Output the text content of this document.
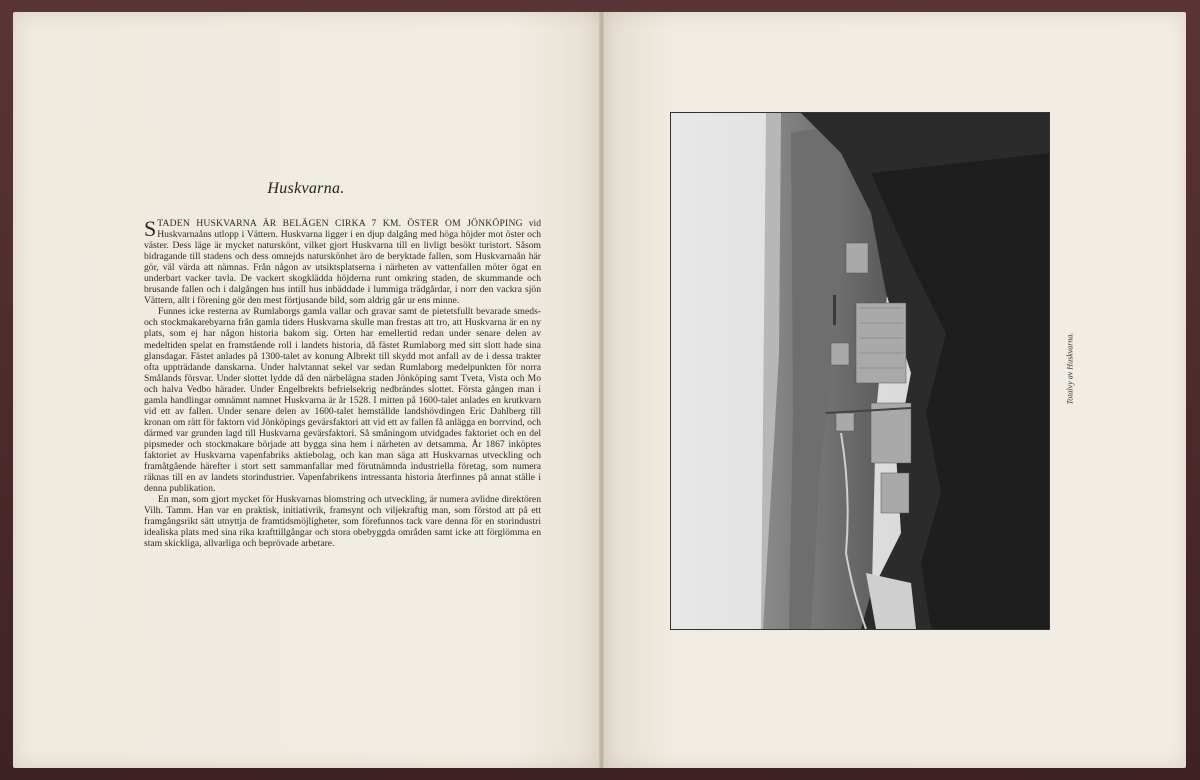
Huskvarna.

STADEN HUSKVARNA ÄR BELÄGEN CIRKA 7 KM. ÖSTER OM JÖNKÖPING vid Huskvarnaåns utlopp i Vättern. Huskvarna ligger i en djup dalgång med höga höjder mot öster och väster. Dess läge är mycket naturskönt, vilket gjort Huskvarna till en livligt besökt turistort. Såsom bidragande till stadens och dess omnejds naturskönhet äro de beryktade fallen, som Huskvarnaån här gör, väl värda att nämnas. Från någon av utsiktsplatserna i närheten av vattenfallen möter ögat en underbart vacker tavla. De vackert skogklädda höjderna runt omkring staden, de skummande och brusande fallen och i dalgången hus intill hus inbäddade i lummiga trädgårdar, i norr den vackra sjön Vättern, allt i förening gör den mest förtjusande bild, som aldrig går ur ens minne.

Funnes icke resterna av Rumlaborgs gamla vallar och gravar samt de pietetsfullt bevarade smeds- och stockmakarebyarna från gamla tiders Huskvarna skulle man frestas att tro, att Huskvarna är en ny plats, som ej har någon historia bakom sig. Orten har emellertid redan under senare delen av medeltiden spelat en framstående roll i landets historia, då fästet Rumlaborg med sitt slott hade sina glansdagar. Fästet anlades på 1300-talet av konung Albrekt till skydd mot anfall av de i dessa trakter ofta uppträdande danskarna. Under halvtannat sekel var sedan Rumlaborg medelpunkten för norra Smålands försvar. Under slottet lydde då den närbelägna staden Jönköping samt Tveta, Vista och Mo och halva Vedbo härader. Under Engelbrekts befrielsekrig nedbrändes slottet. Första gången man i gamla handlingar omnämnt namnet Huskvarna är år 1528. I mitten på 1600-talet anlades en krutkvarn vid ett av fallen. Under senare delen av 1600-talet hemställde landshövdingen Eric Dahlberg till kronan om rätt för faktorn vid Jönköpings gevärsfaktori att vid ett av fallen få anlägga en borrvind, och därmed var grunden lagd till Huskvarna gevärsfaktori. Så småningom utvidgades faktoriet och en del pipsmeder och stockmakare började att bygga sina hem i närheten av detsamma. År 1867 inköptes faktoriet av Huskvarna vapenfabriks aktiebolag, och kan man säga att Huskvarnas utveckling och framåtgående härefter i stort sett sammanfallar med förutnämnda industriella företag, som numera räknas till en av landets storindustrier. Vapenfabrikens intressanta historia återfinnes på annat ställe i denna publikation.

En man, som gjort mycket för Huskvarnas blomstring och utveckling, är numera avlidne direktören Vilh. Tamm. Han var en praktisk, initiativrik, framsynt och viljekraftig man, som förstod att på ett framgångsrikt sätt utnyttja de framtidsmöjligheter, som förefunnos tack vare denna för en storindustri idealiska plats med sina rika krafttillgångar och stora obebyggda områden samt icke att förglömma en stam skickliga, allvarliga och beprövade arbetare.

Totalvy av Huskvarna.
